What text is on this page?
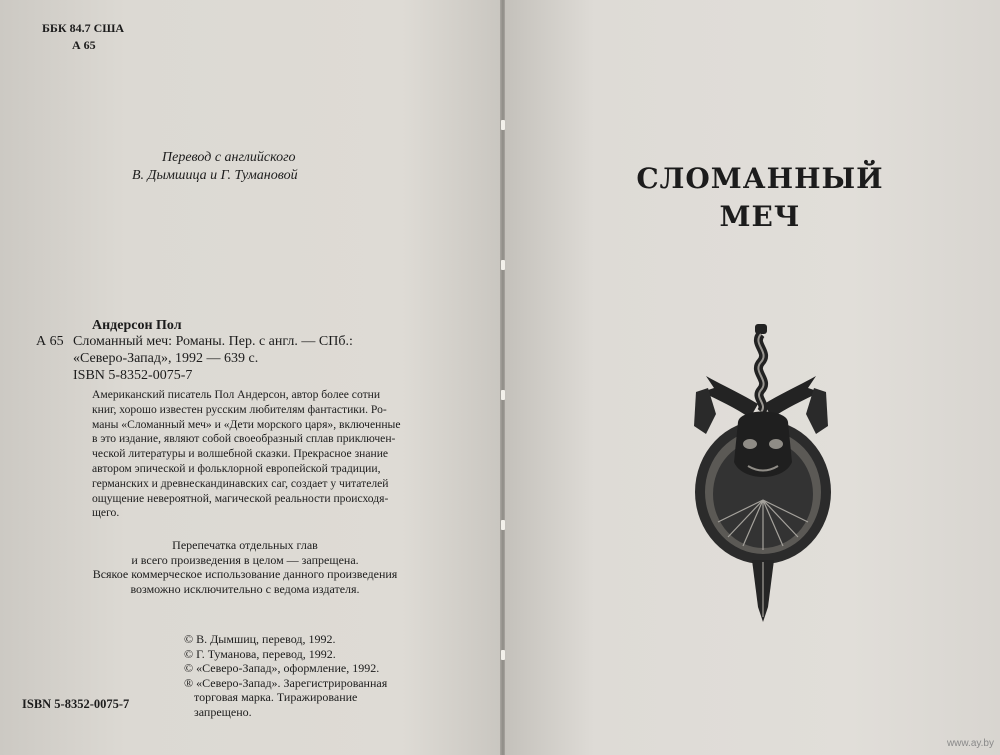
ББК 84.7 США
А 65
Перевод с английского
В. Дымшица и Г. Тумановой
Андерсон Пол
А 65 Сломанный меч: Романы. Пер. с англ. — СПб.:
«Северо-Запад», 1992 — 639 с.
ISBN 5-8352-0075-7
Американский писатель Пол Андерсон, автор более сотни
книг, хорошо известен русским любителям фантастики. Ро-
маны «Сломанный меч» и «Дети морского царя», включенные
в это издание, являют собой своеобразный сплав приключен-
ческой литературы и волшебной сказки. Прекрасное знание
автором эпической и фольклорной европейской традиции,
германских и древнескандинавских саг, создает у читателей
ощущение невероятной, магической реальности происходя-
щего.
Перепечатка отдельных глав
и всего произведения в целом — запрещена.
Всякое коммерческое использование данного произведения
возможно исключительно с ведома издателя.
© В. Дымшиц, перевод, 1992.
© Г. Туманова, перевод, 1992.
© «Северо-Запад», оформление, 1992.
® «Северо-Запад». Зарегистрированная
торговая марка. Тиражирование
запрещено.
ISBN 5-8352-0075-7
СЛОМАННЫЙ
МЕЧ
www.ay.by
